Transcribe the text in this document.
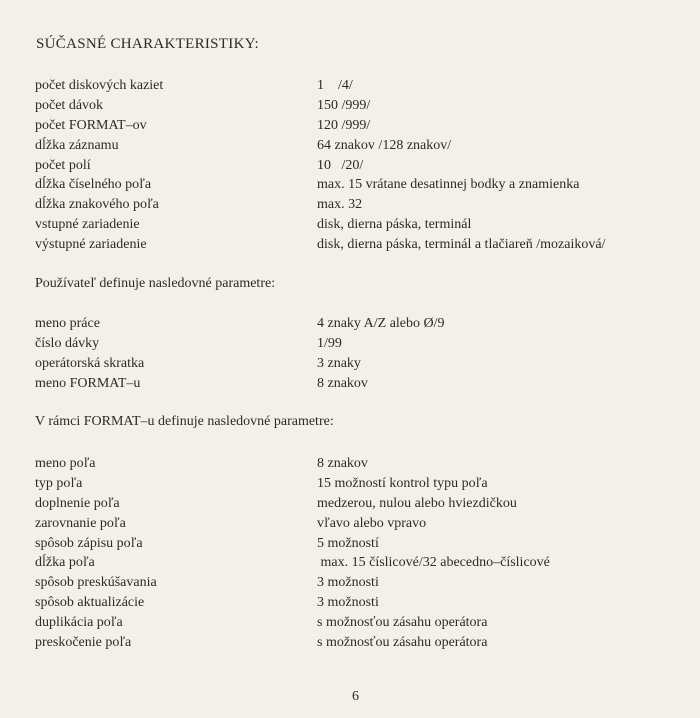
SÚČASNÉ CHARAKTERISTIKY:
počet diskových kaziet	1    /4/
počet dávok	150 /999/
počet FORMAT–ov	120 /999/
dĺžka záznamu	64 znakov /128 znakov/
počet polí	10   /20/
dĺžka číselného poľa	max. 15 vrátane desatinnej bodky a znamienka
dĺžka znakového poľa	max. 32
vstupné zariadenie	disk, dierna páska, terminál
výstupné zariadenie	disk, dierna páska, terminál a tlačiareň /mozaiková/
Používateľ definuje nasledovné parametre:
meno práce	4 znaky A/Z alebo Ø/9
číslo dávky	1/99
operátorská skratka	3 znaky
meno FORMAT–u	8 znakov
V rámci FORMAT–u definuje nasledovné parametre:
meno poľa	8 znakov
typ poľa	15 možností kontrol typu poľa
doplnenie poľa	medzerou, nulou alebo hviezdičkou
zarovnanie poľa	vľavo alebo vpravo
spôsob zápisu poľa	5 možností
dĺžka poľa	max. 15 číslicové/32 abecedno–číslicové
spôsob preskúšavania	3 možnosti
spôsob aktualizácie	3 možnosti
duplikácia poľa	s možnosťou zásahu operátora
preskočenie poľa	s možnosťou zásahu operátora
6
